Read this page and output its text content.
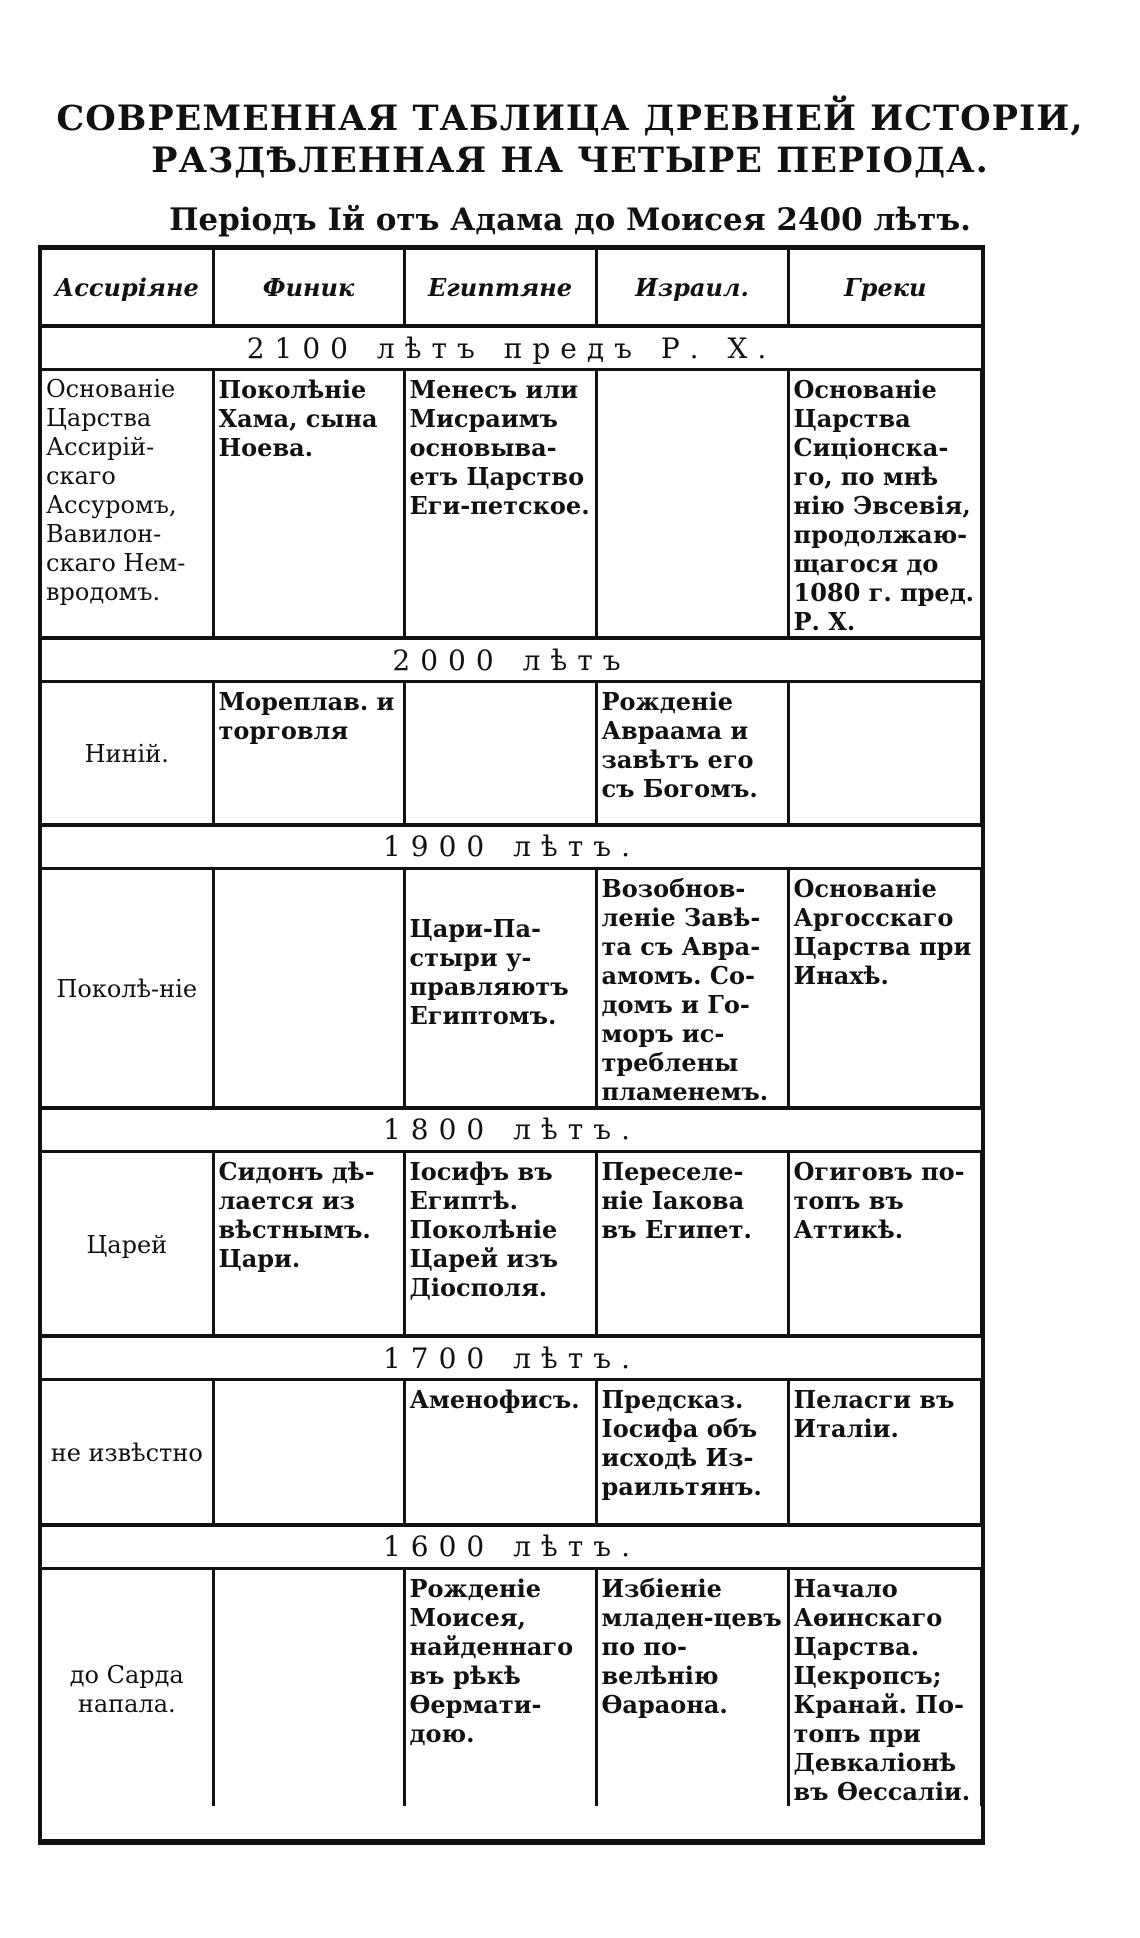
СОВРЕМЕННАЯ ТАБЛИЦА ДРЕВНЕЙ ИСТОРІИ,
РАЗДѢЛЕННАЯ НА ЧЕТЫРЕ ПЕРІОДА.
Періодъ Ій отъ Адама до Моисея 2400 лѣтъ.
Ассиріяне	Финик	Египтяне	Израил.	Греки
2100 лѣтъ предъ Р. Х.				
Основаніе Царства Ассирій-скаго Ассуромъ, Вавилон-скаго Нем-вродомъ.	Поколѣніе Хама, сына Ноева.	Менесъ или Мисраимъ основыва-етъ Царство Еги-петское.		Основаніе Царства Сиціонска-го, по мнѣ нію Эвсевія, продолжаю-щагося до 1080 г. пред. Р. Х.
2000 лѣтъ				
Ниній.	Мореплав. и торговля		Рожденіе Авраама и завѣтъ его съ Богомъ.	
1900 лѣтъ.				
Поколѣ-ніе		Цари-Па-стыри у-правляютъ Египтомъ.	Возобнов-леніе Завѣ-та съ Авра-амомъ. Со-домъ и Го-моръ ис-треблены пламенемъ.	Основаніе Аргосскаго Царства при Инахѣ.
1800 лѣтъ.				
Царей	Сидонъ дѣ-лается из вѣстнымъ. Цари.	Іосифъ въ Египтѣ. Поколѣніе Царей изъ Діосполя.	Переселе-ніе Іакова въ Египет.	Огиговъ по-топъ въ Аттикѣ.
1700 лѣтъ.				
не извѣстно		Аменофисъ.	Предсказ. Іосифа объ исходѣ Из-раильтянъ.	Пеласги въ Италіи.
1600 лѣтъ.				
до Сарда напала.		Рожденіе Моисея, найденнаго въ рѣкѣ Ѳермати-дою.	Избіеніе младен-цевъ по по-велѣнію Ѳараона.	Начало Аѳинскаго Царства. Цекропсъ; Кранай. По-топъ при Девкаліонѣ въ Ѳессаліи.
